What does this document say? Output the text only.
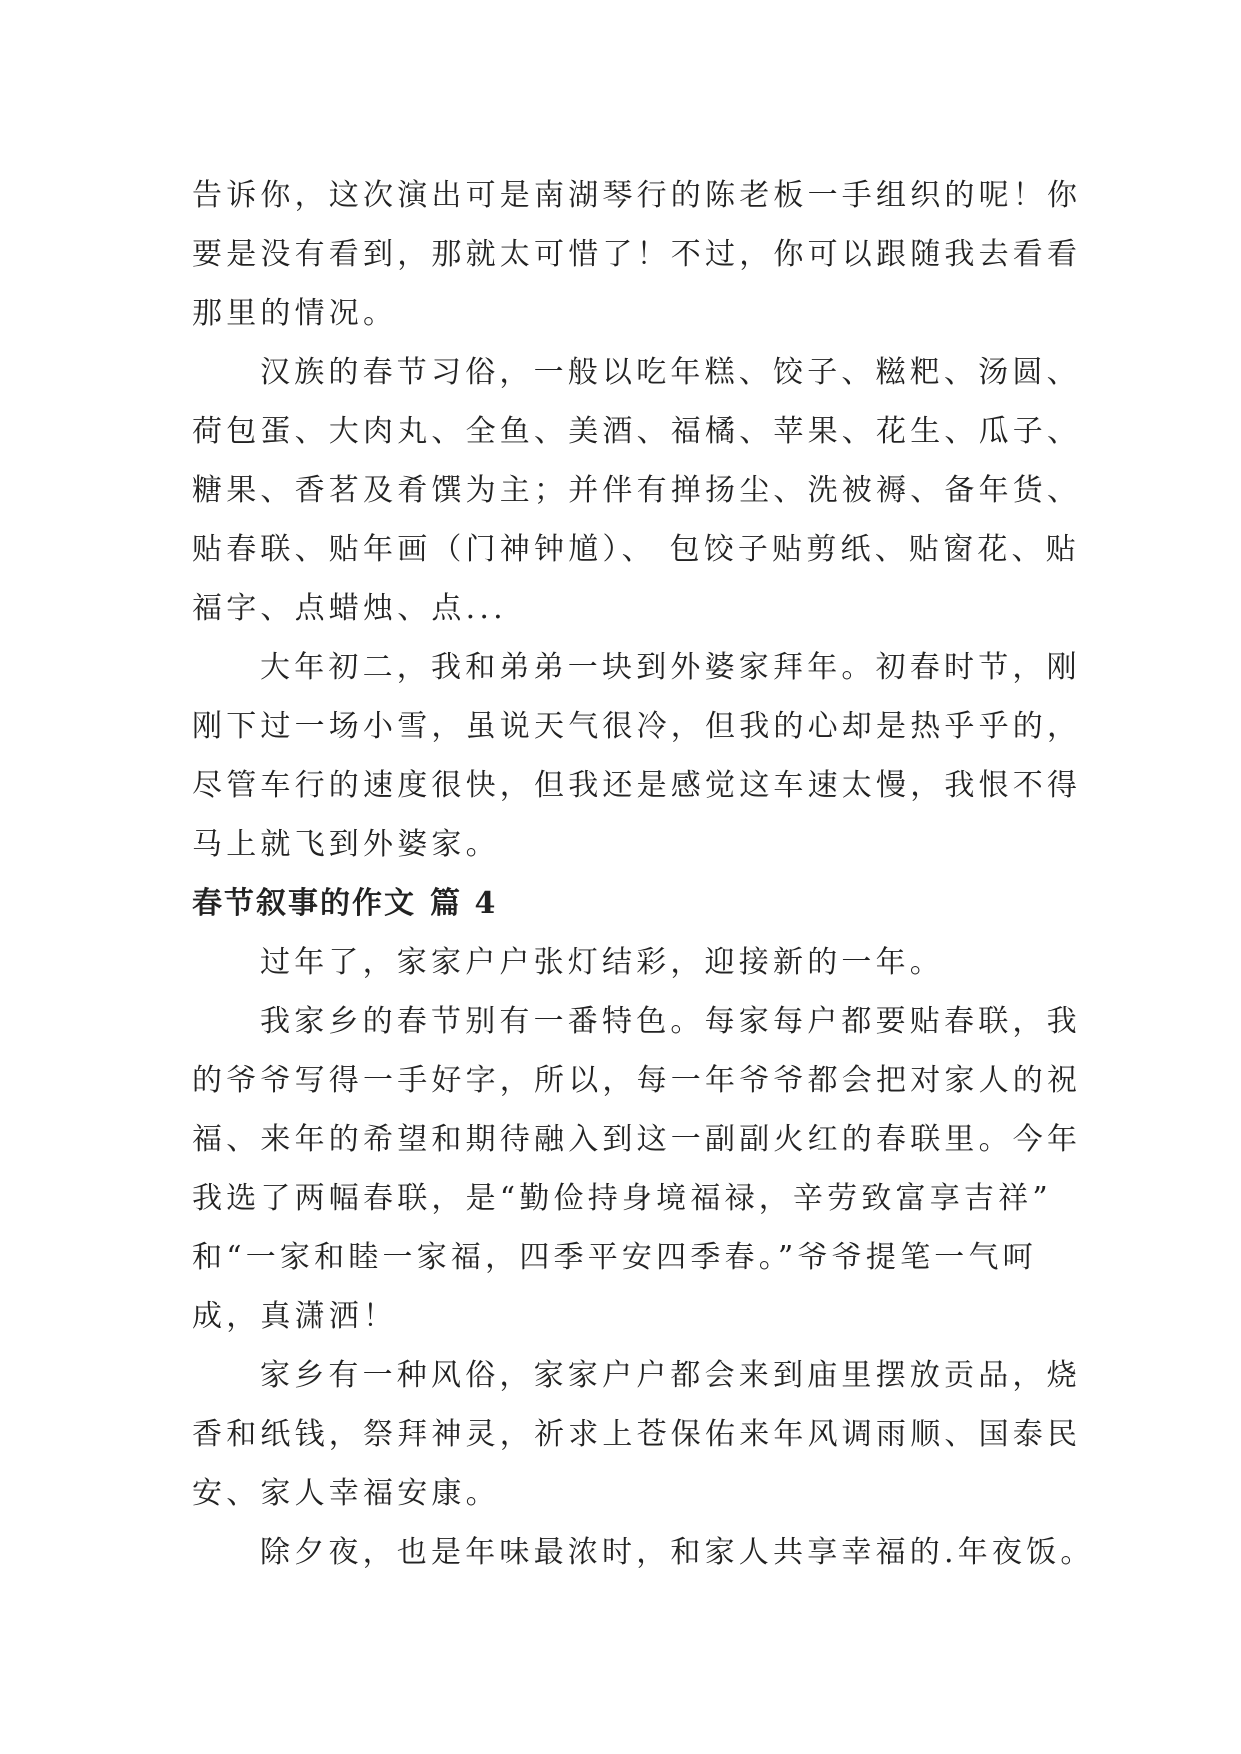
告诉你，这次演出可是南湖琴行的陈老板一手组织的呢！你
要是没有看到，那就太可惜了！不过，你可以跟随我去看看
那里的情况。

汉族的春节习俗，一般以吃年糕、饺子、糍粑、汤圆、
荷包蛋、大肉丸、全鱼、美酒、福橘、苹果、花生、瓜子、
糖果、香茗及肴馔为主；并伴有掸扬尘、洗被褥、备年货、
贴春联、贴年画（门神钟馗）、 包饺子贴剪纸、贴窗花、贴
福字、点蜡烛、点...

大年初二，我和弟弟一块到外婆家拜年。初春时节，刚
刚下过一场小雪，虽说天气很冷，但我的心却是热乎乎的，
尽管车行的速度很快，但我还是感觉这车速太慢，我恨不得
马上就飞到外婆家。

春节叙事的作文 篇 4

过年了，家家户户张灯结彩，迎接新的一年。

我家乡的春节别有一番特色。每家每户都要贴春联，我
的爷爷写得一手好字，所以，每一年爷爷都会把对家人的祝
福、来年的希望和期待融入到这一副副火红的春联里。今年
我选了两幅春联，是“勤俭持身境福禄，辛劳致富享吉祥”
和“一家和睦一家福，四季平安四季春。”爷爷提笔一气呵
成，真潇洒！

家乡有一种风俗，家家户户都会来到庙里摆放贡品，烧
香和纸钱，祭拜神灵，祈求上苍保佑来年风调雨顺、国泰民
安、家人幸福安康。

除夕夜，也是年味最浓时，和家人共享幸福的.年夜饭。
